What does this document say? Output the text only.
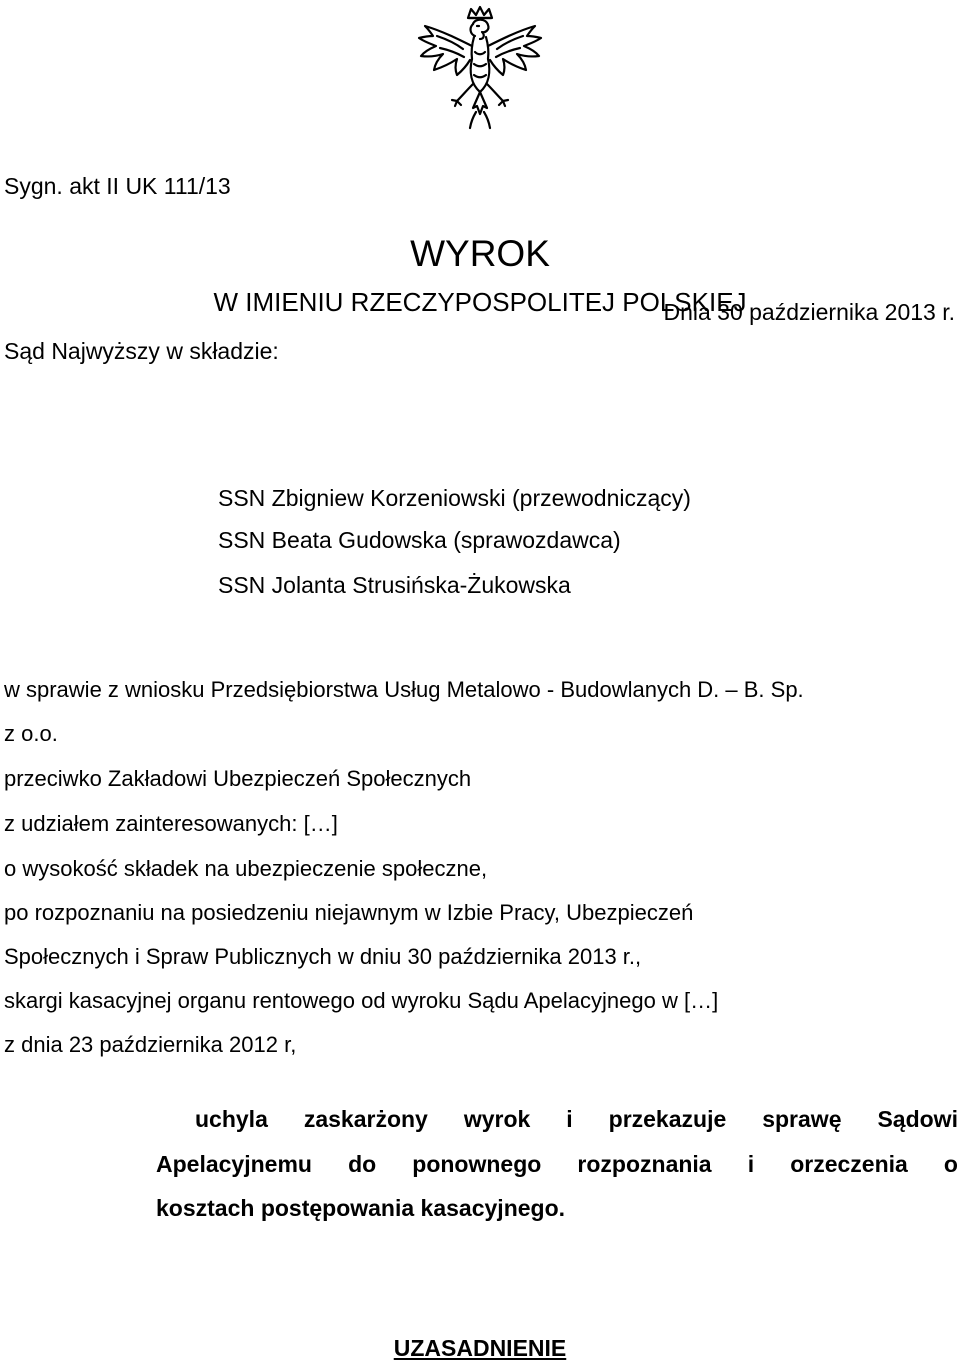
Sygn. akt II UK 111/13
WYROK
W IMIENIU RZECZYPOSPOLITEJ POLSKIEJ
Dnia 30 października 2013 r.
Sąd Najwyższy w składzie:
SSN Zbigniew Korzeniowski (przewodniczący)
SSN Beata Gudowska (sprawozdawca)
SSN Jolanta Strusińska-Żukowska
w sprawie z wniosku Przedsiębiorstwa Usług Metalowo - Budowlanych D. – B. Sp.
z o.o.
przeciwko Zakładowi Ubezpieczeń Społecznych
z udziałem zainteresowanych: […]
o wysokość składek na ubezpieczenie społeczne,
po rozpoznaniu na posiedzeniu niejawnym w Izbie Pracy, Ubezpieczeń
Społecznych i Spraw Publicznych w dniu 30 października 2013 r.,
skargi kasacyjnej organu rentowego od wyroku Sądu Apelacyjnego w […]
z dnia 23 października 2012 r,
uchyla zaskarżony wyrok i przekazuje sprawę Sądowi
Apelacyjnemu do ponownego rozpoznania i orzeczenia o
kosztach postępowania kasacyjnego.
UZASADNIENIE
